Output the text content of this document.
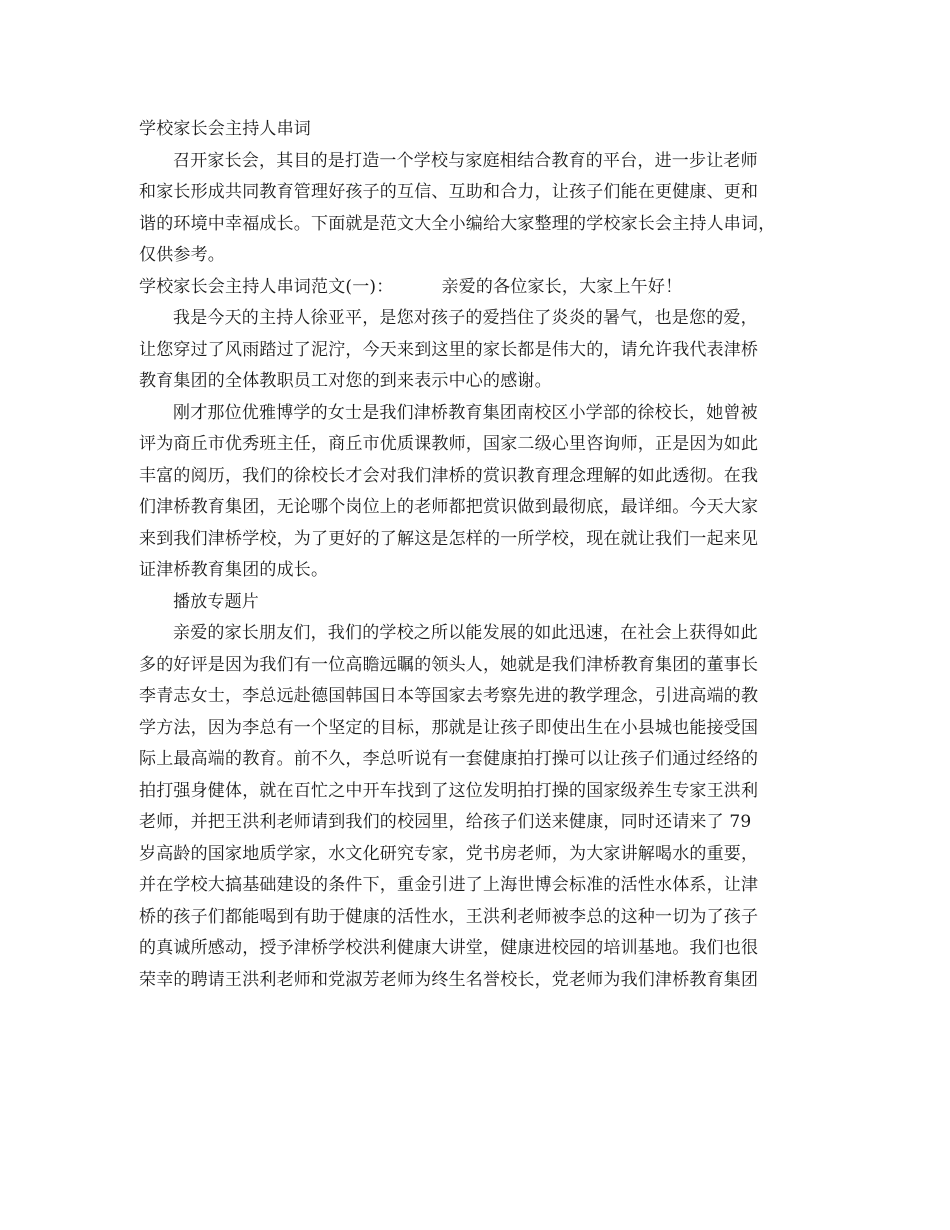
学校家长会主持人串词
召开家长会，其目的是打造一个学校与家庭相结合教育的平台，进一步让老师
和家长形成共同教育管理好孩子的互信、互助和合力，让孩子们能在更健康、更和
谐的环境中幸福成长。下面就是范文大全小编给大家整理的学校家长会主持人串词，
仅供参考。
学校家长会主持人串词范文(一)：	亲爱的各位家长，大家上午好！
我是今天的主持人徐亚平，是您对孩子的爱挡住了炎炎的暑气，也是您的爱，
让您穿过了风雨踏过了泥泞，今天来到这里的家长都是伟大的，请允许我代表津桥
教育集团的全体教职员工对您的到来表示中心的感谢。
刚才那位优雅博学的女士是我们津桥教育集团南校区小学部的徐校长，她曾被
评为商丘市优秀班主任，商丘市优质课教师，国家二级心里咨询师，正是因为如此
丰富的阅历，我们的徐校长才会对我们津桥的赏识教育理念理解的如此透彻。在我
们津桥教育集团，无论哪个岗位上的老师都把赏识做到最彻底，最详细。今天大家
来到我们津桥学校，为了更好的了解这是怎样的一所学校，现在就让我们一起来见
证津桥教育集团的成长。
播放专题片
亲爱的家长朋友们，我们的学校之所以能发展的如此迅速，在社会上获得如此
多的好评是因为我们有一位高瞻远瞩的领头人，她就是我们津桥教育集团的董事长
李青志女士，李总远赴德国韩国日本等国家去考察先进的教学理念，引进高端的教
学方法，因为李总有一个坚定的目标，那就是让孩子即使出生在小县城也能接受国
际上最高端的教育。前不久，李总听说有一套健康拍打操可以让孩子们通过经络的
拍打强身健体，就在百忙之中开车找到了这位发明拍打操的国家级养生专家王洪利
老师，并把王洪利老师请到我们的校园里，给孩子们送来健康，同时还请来了 79
岁高龄的国家地质学家，水文化研究专家，党书房老师，为大家讲解喝水的重要，
并在学校大搞基础建设的条件下，重金引进了上海世博会标准的活性水体系，让津
桥的孩子们都能喝到有助于健康的活性水，王洪利老师被李总的这种一切为了孩子
的真诚所感动，授予津桥学校洪利健康大讲堂，健康进校园的培训基地。我们也很
荣幸的聘请王洪利老师和党淑芳老师为终生名誉校长，党老师为我们津桥教育集团
